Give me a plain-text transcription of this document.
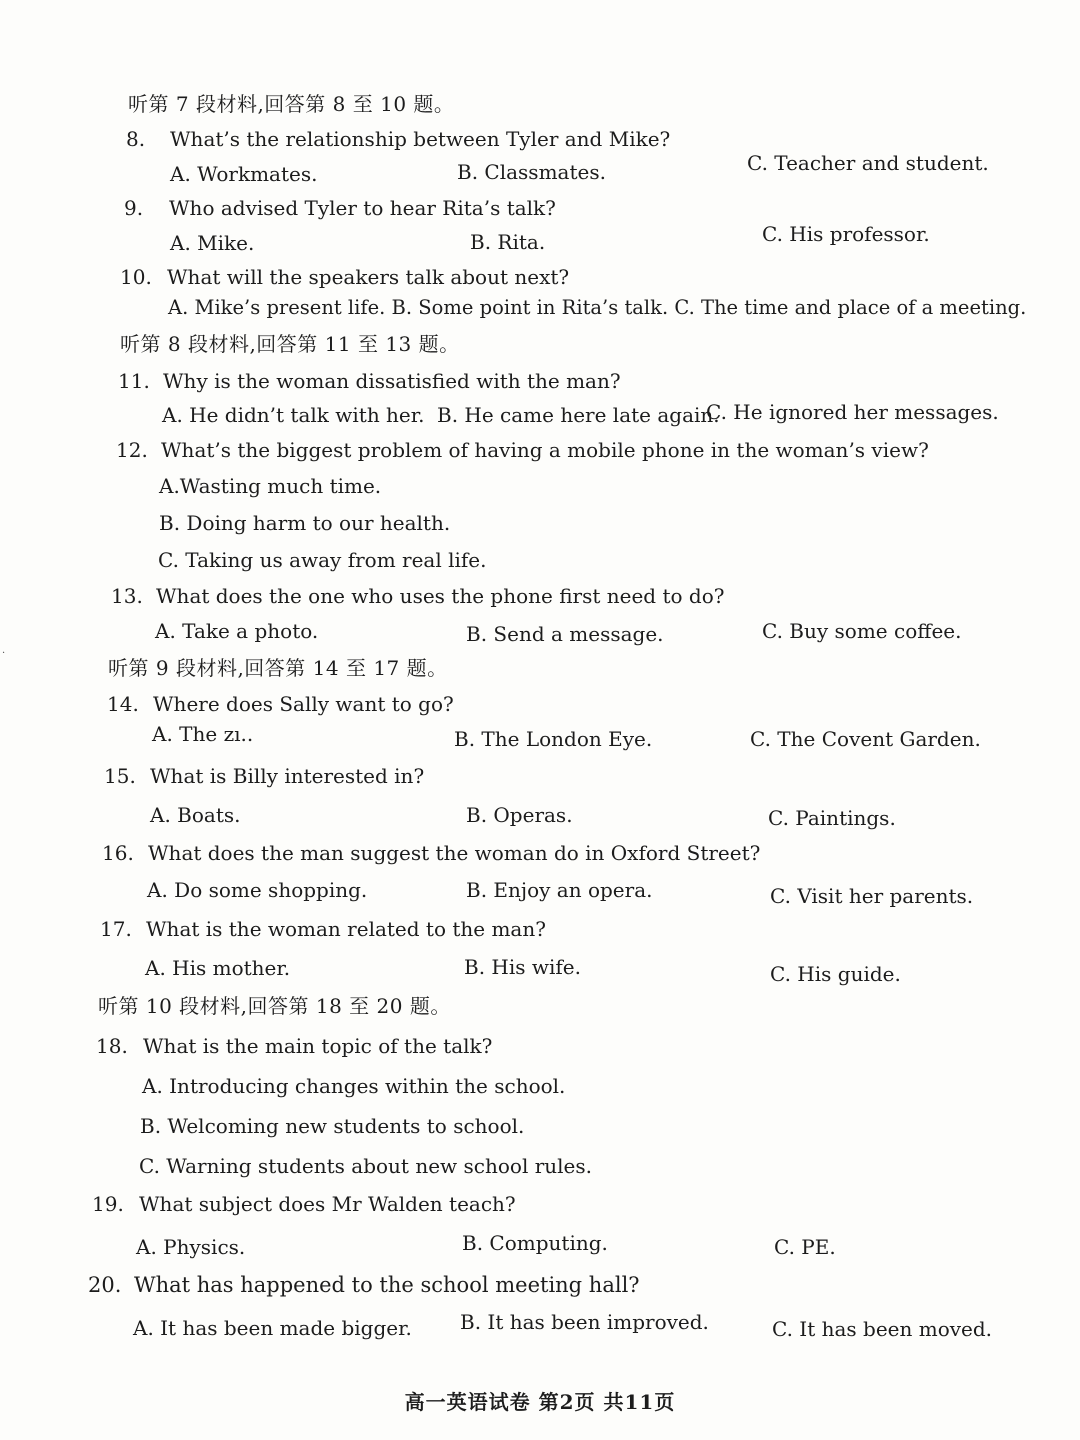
听第 7 段材料,回答第 8 至 10 题。
8. What’s the relationship between Tyler and Mike?
A. Workmates.	B. Classmates.	C. Teacher and student.
9. Who advised Tyler to hear Rita’s talk?
A. Mike.	B. Rita.	C. His professor.
10. What will the speakers talk about next?
A. Mike’s present life. B. Some point in Rita’s talk. C. The time and place of a meeting.
听第 8 段材料,回答第 11 至 13 题。
11. Why is the woman dissatisfied with the man?
A. He didn’t talk with her. B. He came here late again.
C. He ignored her messages.
12. What’s the biggest problem of having a mobile phone in the woman’s view?
A.Wasting much time.
B. Doing harm to our health.
C. Taking us away from real life.
13. What does the one who uses the phone first need to do?
A. Take a photo.	B. Send a message.	C. Buy some coffee.
听第 9 段材料,回答第 14 至 17 题。
14. Where does Sally want to go?
A. The zı..	B. The London Eye.	C. The Covent Garden.
15. What is Billy interested in?
A. Boats.	B. Operas.	C. Paintings.
16. What does the man suggest the woman do in Oxford Street?
A. Do some shopping.	B. Enjoy an opera.	C. Visit her parents.
17. What is the woman related to the man?
A. His mother.	B. His wife.	C. His guide.
听第 10 段材料,回答第 18 至 20 题。
18. What is the main topic of the talk?
A. Introducing changes within the school.
B. Welcoming new students to school.
C. Warning students about new school rules.
19. What subject does Mr Walden teach?
A. Physics.	B. Computing.	C. PE.
20. What has happened to the school meeting hall?
A. It has been made bigger. B. It has been improved.	C. It has been moved.
高一英语试卷 第2页 共11页
·
